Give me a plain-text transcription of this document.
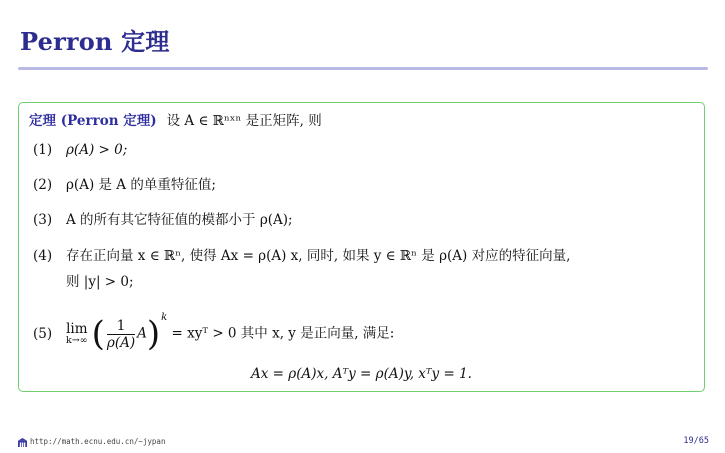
Perron 定理
定理 (Perron 定理) 设 A ∈ ℝⁿˣⁿ 是正矩阵, 则
(1) ρ(A) > 0;
(2) ρ(A) 是 A 的单重特征值;
(3) A 的所有其它特征值的模都小于 ρ(A);
(4) 存在正向量 x ∈ ℝⁿ, 使得 Ax = ρ(A) x, 同时, 如果 y ∈ ℝⁿ 是 ρ(A) 对应的特征向量,
则 |y| > 0;
(5) lim
k→∞ ( $\frac{1}{\rho(A)} A)^k$ = xyᵀ > 0 其中 x, y 是正向量, 满足:
Ax = ρ(A)x, Aᵀy = ρ(A)y, xᵀy = 1.
http://math.ecnu.edu.cn/~jypan	19/65
